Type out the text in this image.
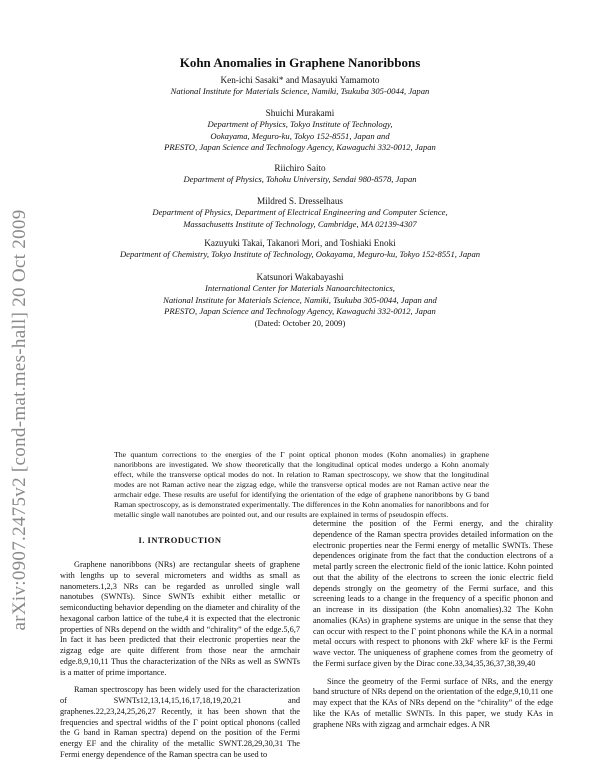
arXiv:0907.2475v2 [cond-mat.mes-hall] 20 Oct 2009
Kohn Anomalies in Graphene Nanoribbons
Ken-ichi Sasaki* and Masayuki Yamamoto
National Institute for Materials Science, Namiki, Tsukuba 305-0044, Japan
Shuichi Murakami
Department of Physics, Tokyo Institute of Technology,
Ookayama, Meguro-ku, Tokyo 152-8551, Japan and
PRESTO, Japan Science and Technology Agency, Kawaguchi 332-0012, Japan
Riichiro Saito
Department of Physics, Tohoku University, Sendai 980-8578, Japan
Mildred S. Dresselhaus
Department of Physics, Department of Electrical Engineering and Computer Science,
Massachusetts Institute of Technology, Cambridge, MA 02139-4307
Kazuyuki Takai, Takanori Mori, and Toshiaki Enoki
Department of Chemistry, Tokyo Institute of Technology, Ookayama, Meguro-ku, Tokyo 152-8551, Japan
Katsunori Wakabayashi
International Center for Materials Nanoarchitectonics,
National Institute for Materials Science, Namiki, Tsukuba 305-0044, Japan and
PRESTO, Japan Science and Technology Agency, Kawaguchi 332-0012, Japan
(Dated: October 20, 2009)
The quantum corrections to the energies of the Γ point optical phonon modes (Kohn anomalies) in graphene nanoribbons are investigated. We show theoretically that the longitudinal optical modes undergo a Kohn anomaly effect, while the transverse optical modes do not. In relation to Raman spectroscopy, we show that the longitudinal modes are not Raman active near the zigzag edge, while the transverse optical modes are not Raman active near the armchair edge. These results are useful for identifying the orientation of the edge of graphene nanoribbons by G band Raman spectroscopy, as is demonstrated experimentally. The differences in the Kohn anomalies for nanoribbons and for metallic single wall nanotubes are pointed out, and our results are explained in terms of pseudospin effects.
I. INTRODUCTION

Graphene nanoribbons (NRs) are rectangular sheets of graphene with lengths up to several micrometers and widths as small as nanometers.1,2,3 NRs can be regarded as unrolled single wall nanotubes (SWNTs). Since SWNTs exhibit either metallic or semiconducting behavior depending on the diameter and chirality of the hexagonal carbon lattice of the tube,4 it is expected that the electronic properties of NRs depend on the width and “chirality” of the edge.5,6,7 In fact it has been predicted that their electronic properties near the zigzag edge are quite different from those near the armchair edge.8,9,10,11 Thus the characterization of the NRs as well as SWNTs is a matter of prime importance.

Raman spectroscopy has been widely used for the characterization of SWNTs12,13,14,15,16,17,18,19,20,21 and graphenes.22,23,24,25,26,27 Recently, it has been shown that the frequencies and spectral widths of the Γ point optical phonons (called the G band in Raman spectra) depend on the position of the Fermi energy EF and the chirality of the metallic SWNT.28,29,30,31 The Fermi energy dependence of the Raman spectra can be used to

determine the position of the Fermi energy, and the chirality dependence of the Raman spectra provides detailed information on the electronic properties near the Fermi energy of metallic SWNTs. These dependences originate from the fact that the conduction electrons of a metal partly screen the electronic field of the ionic lattice. Kohn pointed out that the ability of the electrons to screen the ionic electric field depends strongly on the geometry of the Fermi surface, and this screening leads to a change in the frequency of a specific phonon and an increase in its dissipation (the Kohn anomalies).32 The Kohn anomalies (KAs) in graphene systems are unique in the sense that they can occur with respect to the Γ point phonons while the KA in a normal metal occurs with respect to phonons with 2kF where kF is the Fermi wave vector. The uniqueness of graphene comes from the geometry of the Fermi surface given by the Dirac cone.33,34,35,36,37,38,39,40

Since the geometry of the Fermi surface of NRs, and the energy band structure of NRs depend on the orientation of the edge,9,10,11 one may expect that the KAs of NRs depend on the “chirality” of the edge like the KAs of metallic SWNTs. In this paper, we study KAs in graphene NRs with zigzag and armchair edges. A NR
